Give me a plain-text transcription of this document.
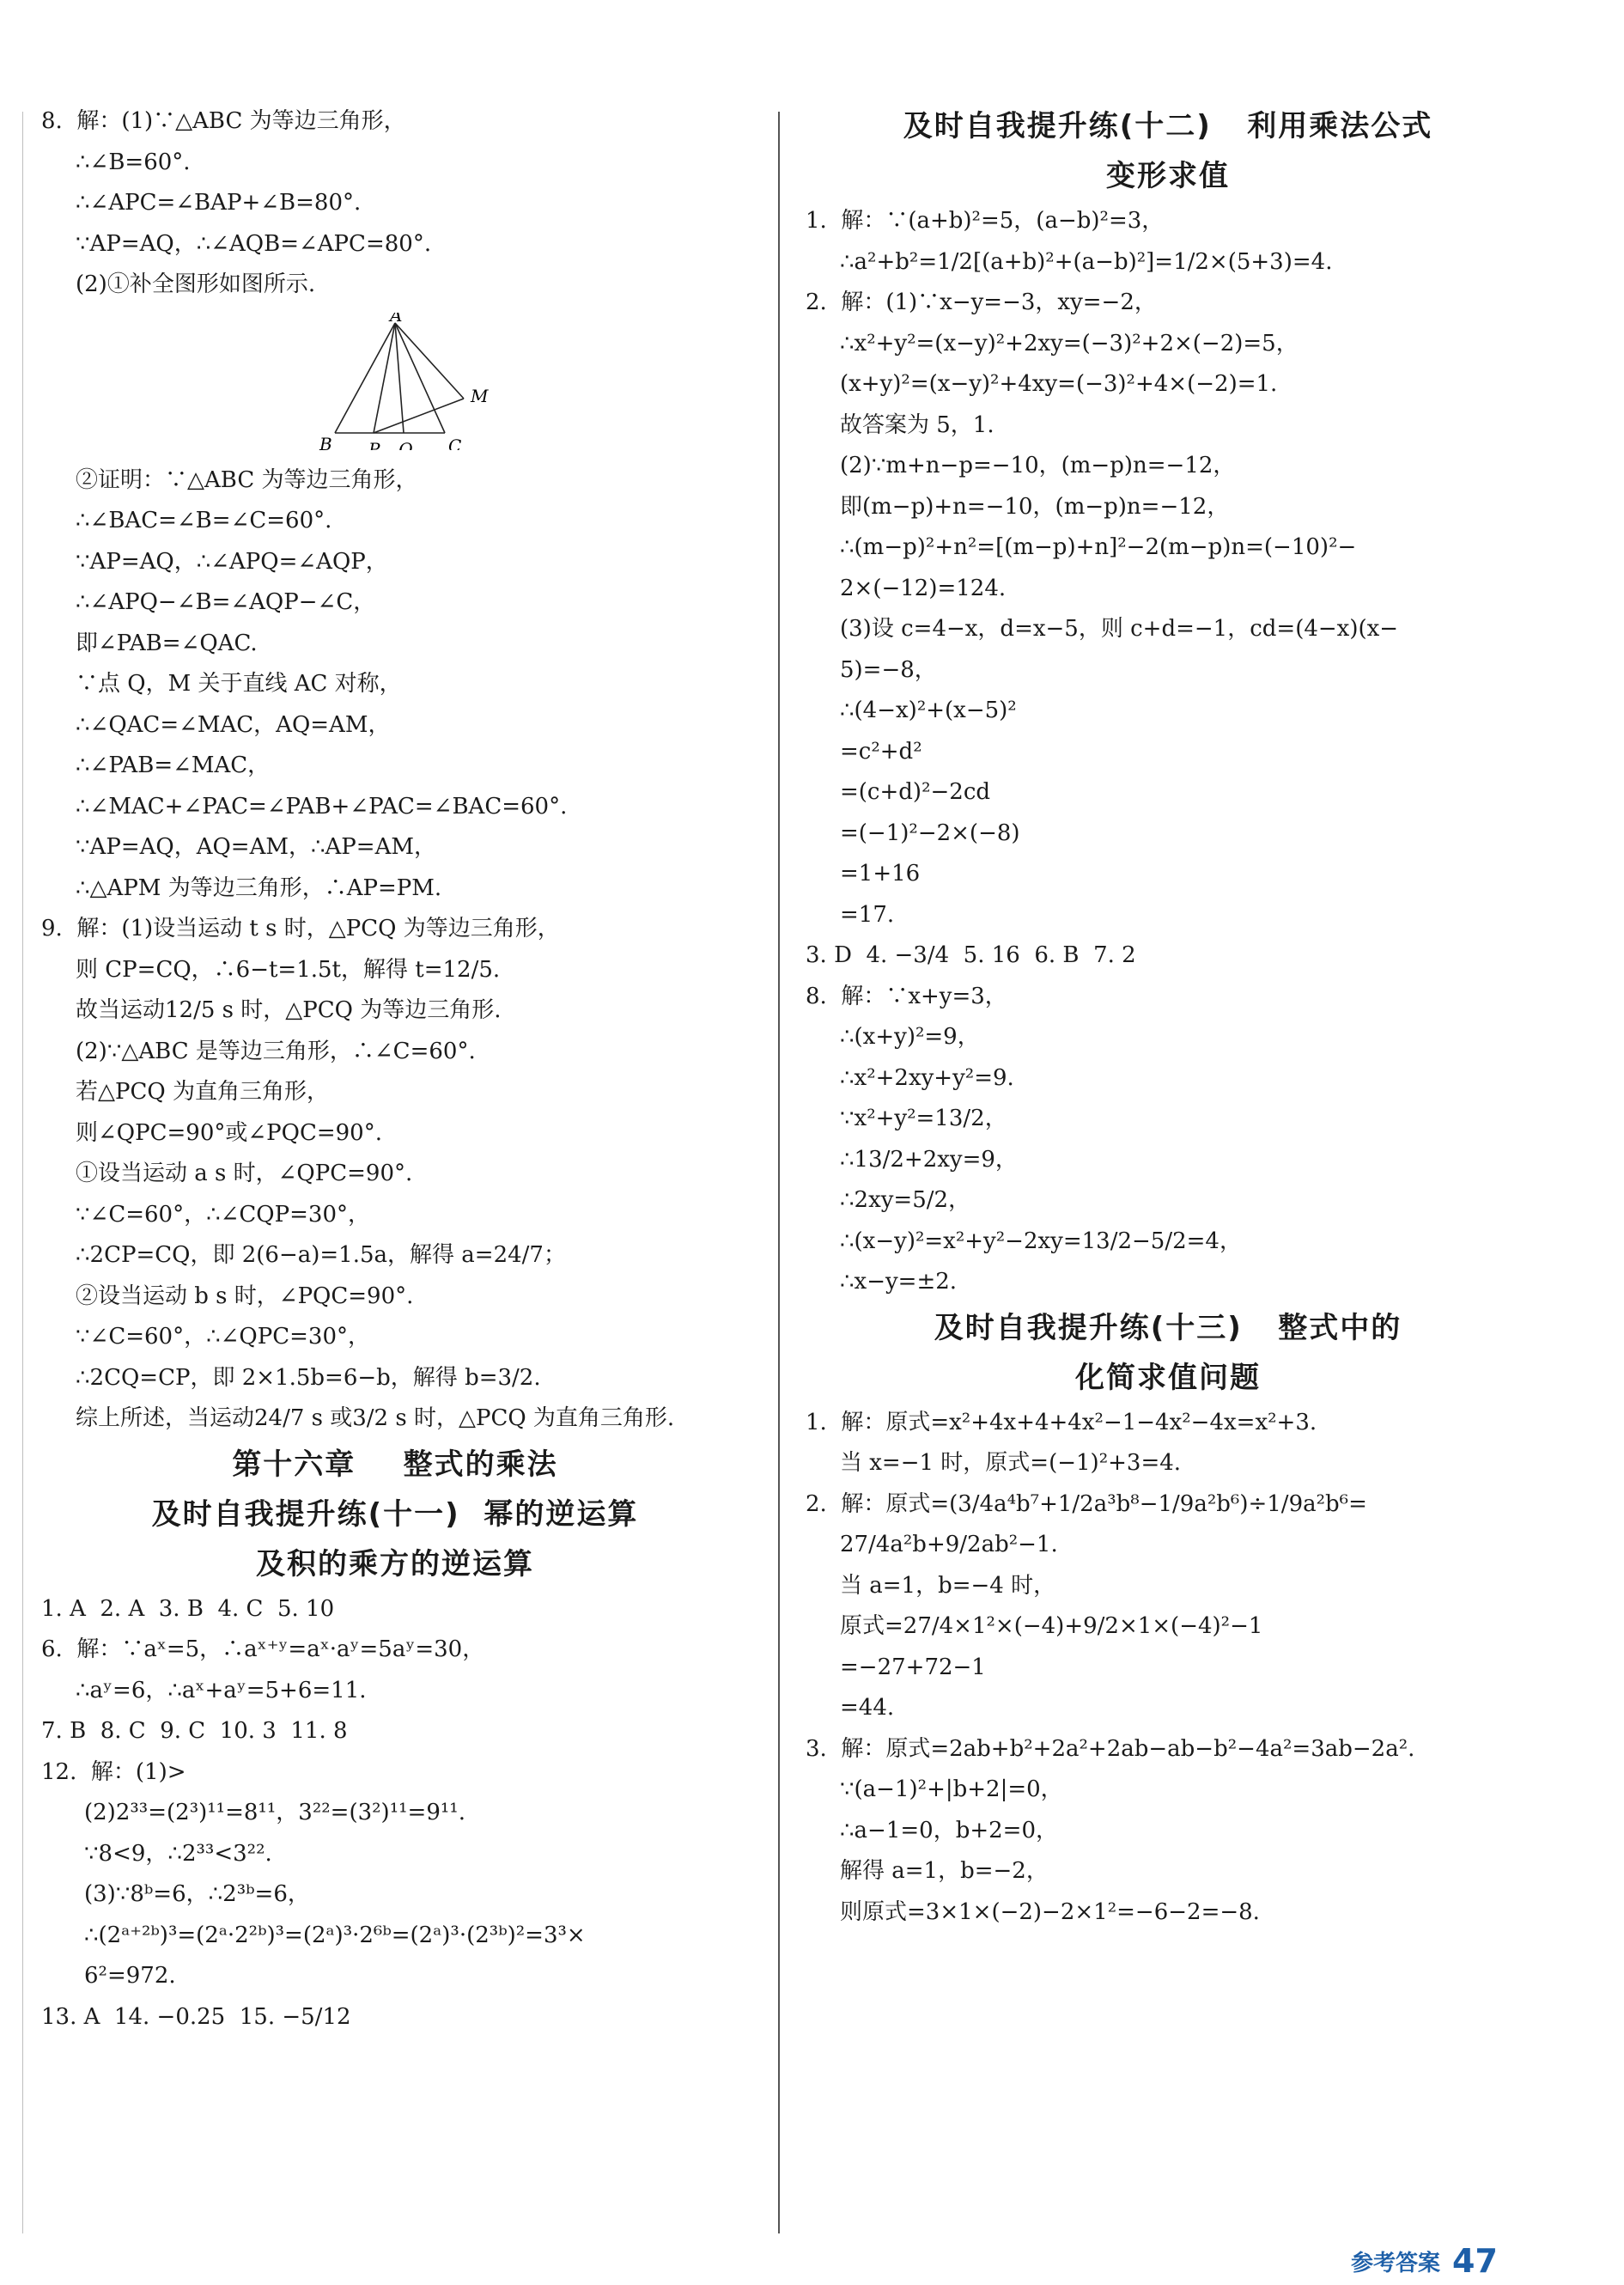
8.  解：(1)∵△ABC 为等边三角形，
∴∠B=60°.
∴∠APC=∠BAP+∠B=80°.
∵AP=AQ，∴∠AQB=∠APC=80°.
(2)①补全图形如图所示.
A
B P Q C
M
②证明：∵△ABC 为等边三角形，
∴∠BAC=∠B=∠C=60°.
∵AP=AQ，∴∠APQ=∠AQP，
∴∠APQ−∠B=∠AQP−∠C，
即∠PAB=∠QAC.
∵点 Q，M 关于直线 AC 对称，
∴∠QAC=∠MAC，AQ=AM，
∴∠PAB=∠MAC，
∴∠MAC+∠PAC=∠PAB+∠PAC=∠BAC=60°.
∵AP=AQ，AQ=AM，∴AP=AM，
∴△APM 为等边三角形，∴AP=PM.
9.  解：(1)设当运动 t s 时，△PCQ 为等边三角形，
则 CP=CQ，∴6−t=1.5t，解得 t=12/5.
故当运动12/5 s 时，△PCQ 为等边三角形.
(2)∵△ABC 是等边三角形，∴∠C=60°.
若△PCQ 为直角三角形，
则∠QPC=90°或∠PQC=90°.
①设当运动 a s 时，∠QPC=90°.
∵∠C=60°，∴∠CQP=30°，
∴2CP=CQ，即 2(6−a)=1.5a，解得 a=24/7；
②设当运动 b s 时，∠PQC=90°.
∵∠C=60°，∴∠QPC=30°，
∴2CQ=CP，即 2×1.5b=6−b，解得 b=3/2.
综上所述，当运动24/7 s 或3/2 s 时，△PCQ 为直角三角形.
第十六章    整式的乘法
及时自我提升练(十一)  幂的逆运算
及积的乘方的逆运算
1. A  2. A  3. B  4. C  5. 10
6.  解：∵aˣ=5，∴aˣ⁺ʸ=aˣ·aʸ=5aʸ=30，
∴aʸ=6，∴aˣ+aʸ=5+6=11.
7. B  8. C  9. C  10. 3  11. 8
12.  解：(1)>
(2)2³³=(2³)¹¹=8¹¹，3²²=(3²)¹¹=9¹¹.
∵8<9，∴2³³<3²².
(3)∵8ᵇ=6，∴2³ᵇ=6，
∴(2ᵃ⁺²ᵇ)³=(2ᵃ·2²ᵇ)³=(2ᵃ)³·2⁶ᵇ=(2ᵃ)³·(2³ᵇ)²=3³×
6²=972.
13. A  14. −0.25  15. −5/12
及时自我提升练(十二)   利用乘法公式
变形求值
1.  解：∵(a+b)²=5，(a−b)²=3，
∴a²+b²=1/2[(a+b)²+(a−b)²]=1/2×(5+3)=4.
2.  解：(1)∵x−y=−3，xy=−2，
∴x²+y²=(x−y)²+2xy=(−3)²+2×(−2)=5，
(x+y)²=(x−y)²+4xy=(−3)²+4×(−2)=1.
故答案为 5，1.
(2)∵m+n−p=−10，(m−p)n=−12，
即(m−p)+n=−10，(m−p)n=−12，
∴(m−p)²+n²=[(m−p)+n]²−2(m−p)n=(−10)²−
2×(−12)=124.
(3)设 c=4−x，d=x−5，则 c+d=−1，cd=(4−x)(x−
5)=−8，
∴(4−x)²+(x−5)²
=c²+d²
=(c+d)²−2cd
=(−1)²−2×(−8)
=1+16
=17.
3. D  4. −3/4  5. 16  6. B  7. 2
8.  解：∵x+y=3，
∴(x+y)²=9，
∴x²+2xy+y²=9.
∵x²+y²=13/2，
∴13/2+2xy=9，
∴2xy=5/2，
∴(x−y)²=x²+y²−2xy=13/2−5/2=4，
∴x−y=±2.
及时自我提升练(十三)   整式中的
化简求值问题
1.  解：原式=x²+4x+4+4x²−1−4x²−4x=x²+3.
当 x=−1 时，原式=(−1)²+3=4.
2.  解：原式=(3/4a⁴b⁷+1/2a³b⁸−1/9a²b⁶)÷1/9a²b⁶=
27/4a²b+9/2ab²−1.
当 a=1，b=−4 时，
原式=27/4×1²×(−4)+9/2×1×(−4)²−1
=−27+72−1
=44.
3.  解：原式=2ab+b²+2a²+2ab−ab−b²−4a²=3ab−2a².
∵(a−1)²+|b+2|=0，
∴a−1=0，b+2=0，
解得 a=1，b=−2，
则原式=3×1×(−2)−2×1²=−6−2=−8.
参考答案 47
